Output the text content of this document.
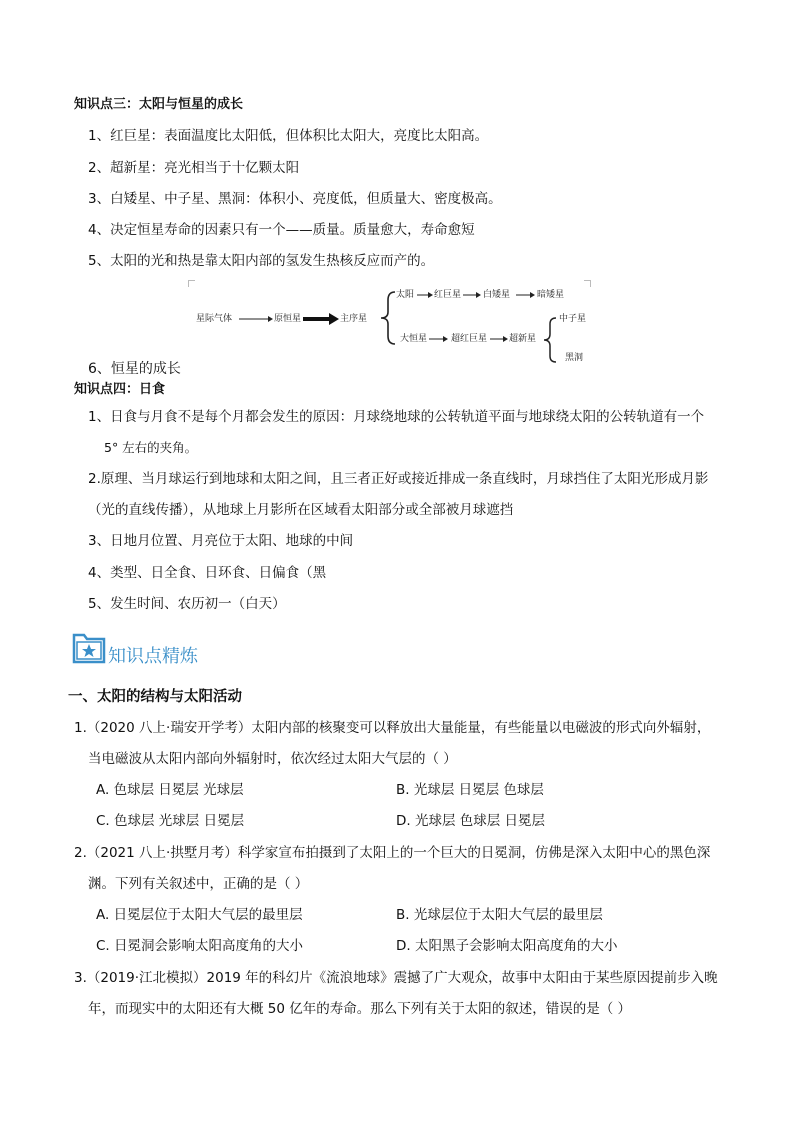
知识点三：太阳与恒星的成长
1、红巨星：表面温度比太阳低，但体积比太阳大，亮度比太阳高。
2、超新星：亮光相当于十亿颗太阳
3、白矮星、中子星、黑洞：体积小、亮度低，但质量大、密度极高。
4、决定恒星寿命的因素只有一个——质量。质量愈大，寿命愈短
5、太阳的光和热是靠太阳内部的氢发生热核反应而产的。
星际气体	原恒星	主序星
太阳 红巨星 白矮星	暗矮星
大恒星	超红巨星 超新星
中子星
黑洞
6、恒星的成长
知识点四：日食
1、日食与月食不是每个月都会发生的原因：月球绕地球的公转轨道平面与地球绕太阳的公转轨道有一个
5° 左右的夹角。
2.原理、当月球运行到地球和太阳之间，且三者正好或接近排成一条直线时，月球挡住了太阳光形成月影
（光的直线传播），从地球上月影所在区域看太阳部分或全部被月球遮挡
3、日地月位置、月亮位于太阳、地球的中间
4、类型、日全食、日环食、日偏食（黑
5、发生时间、农历初一（白天）
知识点精炼
一、太阳的结构与太阳活动
1.（2020 八上·瑞安开学考）太阳内部的核聚变可以释放出大量能量，有些能量以电磁波的形式向外辐射，
当电磁波从太阳内部向外辐射时，依次经过太阳大气层的（ ）
A. 色球层 日冕层 光球层	B. 光球层 日冕层 色球层
C. 色球层 光球层 日冕层	D. 光球层 色球层 日冕层
2.（2021 八上·拱墅月考）科学家宣布拍摄到了太阳上的一个巨大的日冕洞，仿佛是深入太阳中心的黑色深
渊。下列有关叙述中，正确的是（ ）
A. 日冕层位于太阳大气层的最里层	B. 光球层位于太阳大气层的最里层
C. 日冕洞会影响太阳高度角的大小	D. 太阳黑子会影响太阳高度角的大小
3.（2019·江北模拟）2019 年的科幻片《流浪地球》震撼了广大观众，故事中太阳由于某些原因提前步入晚
年，而现实中的太阳还有大概 50 亿年的寿命。那么下列有关于太阳的叙述，错误的是（ ）
